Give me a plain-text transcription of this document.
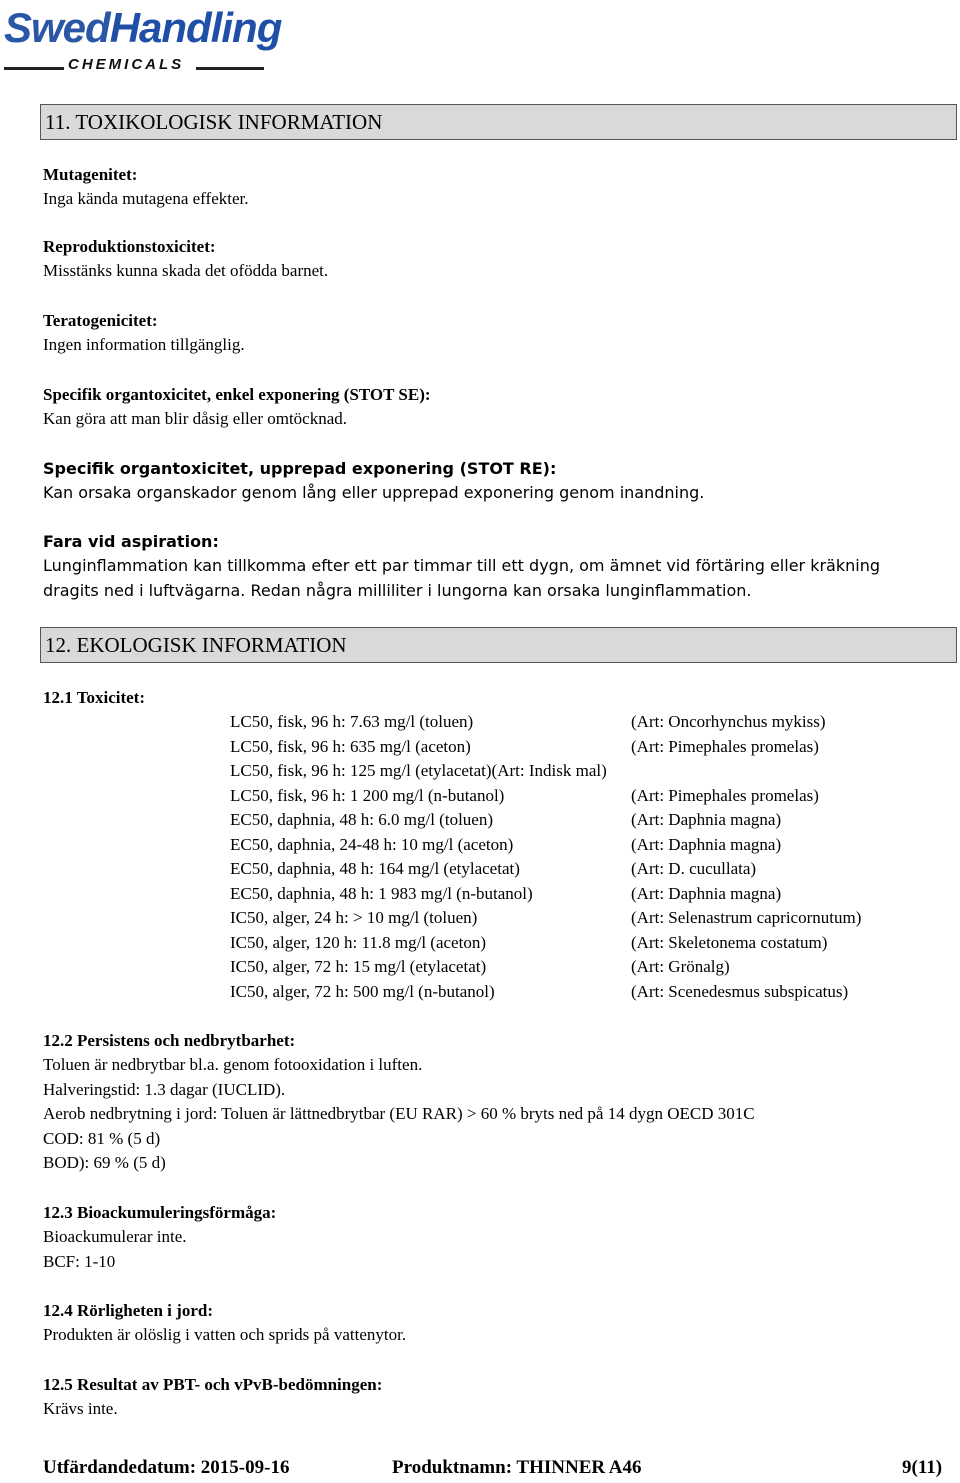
SwedHandling
CHEMICALS
11. TOXIKOLOGISK INFORMATION
Mutagenitet:
Inga kända mutagena effekter.
Reproduktionstoxicitet:
Misstänks kunna skada det ofödda barnet.
Teratogenicitet:
Ingen information tillgänglig.
Specifik organtoxicitet, enkel exponering (STOT SE):
Kan göra att man blir dåsig eller omtöcknad.
Specifik organtoxicitet, upprepad exponering (STOT RE):
Kan orsaka organskador genom lång eller upprepad exponering genom inandning.
Fara vid aspiration:
Lunginflammation kan tillkomma efter ett par timmar till ett dygn, om ämnet vid förtäring eller kräkning
dragits ned i luftvägarna. Redan några milliliter i lungorna kan orsaka lunginflammation.
12. EKOLOGISK INFORMATION
12.1 Toxicitet:
LC50, fisk, 96 h: 7.63 mg/l (toluen)	(Art: Oncorhynchus mykiss)
LC50, fisk, 96 h: 635 mg/l (aceton)	(Art: Pimephales promelas)
LC50, fisk, 96 h: 125 mg/l (etylacetat)(Art: Indisk mal)
LC50, fisk, 96 h: 1 200 mg/l (n-butanol)	(Art: Pimephales promelas)
EC50, daphnia, 48 h: 6.0 mg/l (toluen)	(Art: Daphnia magna)
EC50, daphnia, 24-48 h: 10 mg/l (aceton)	(Art: Daphnia magna)
EC50, daphnia, 48 h: 164 mg/l (etylacetat)	(Art: D. cucullata)
EC50, daphnia, 48 h: 1 983 mg/l (n-butanol)	(Art: Daphnia magna)
IC50, alger, 24 h: > 10 mg/l (toluen)	(Art: Selenastrum capricornutum)
IC50, alger, 120 h: 11.8 mg/l (aceton)	(Art: Skeletonema costatum)
IC50, alger, 72 h: 15 mg/l (etylacetat)	(Art: Grönalg)
IC50, alger, 72 h: 500 mg/l (n-butanol)	(Art: Scenedesmus subspicatus)
12.2 Persistens och nedbrytbarhet:
Toluen är nedbrytbar bl.a. genom fotooxidation i luften.
Halveringstid: 1.3 dagar (IUCLID).
Aerob nedbrytning i jord: Toluen är lättnedbrytbar (EU RAR) > 60 % bryts ned på 14 dygn OECD 301C
COD: 81 % (5 d)
BOD): 69 % (5 d)
12.3 Bioackumuleringsförmåga:
Bioackumulerar inte.
BCF: 1-10
12.4 Rörligheten i jord:
Produkten är olöslig i vatten och sprids på vattenytor.
12.5 Resultat av PBT- och vPvB-bedömningen:
Krävs inte.
Utfärdandedatum: 2015-09-16	Produktnamn: THINNER A46	9(11)
